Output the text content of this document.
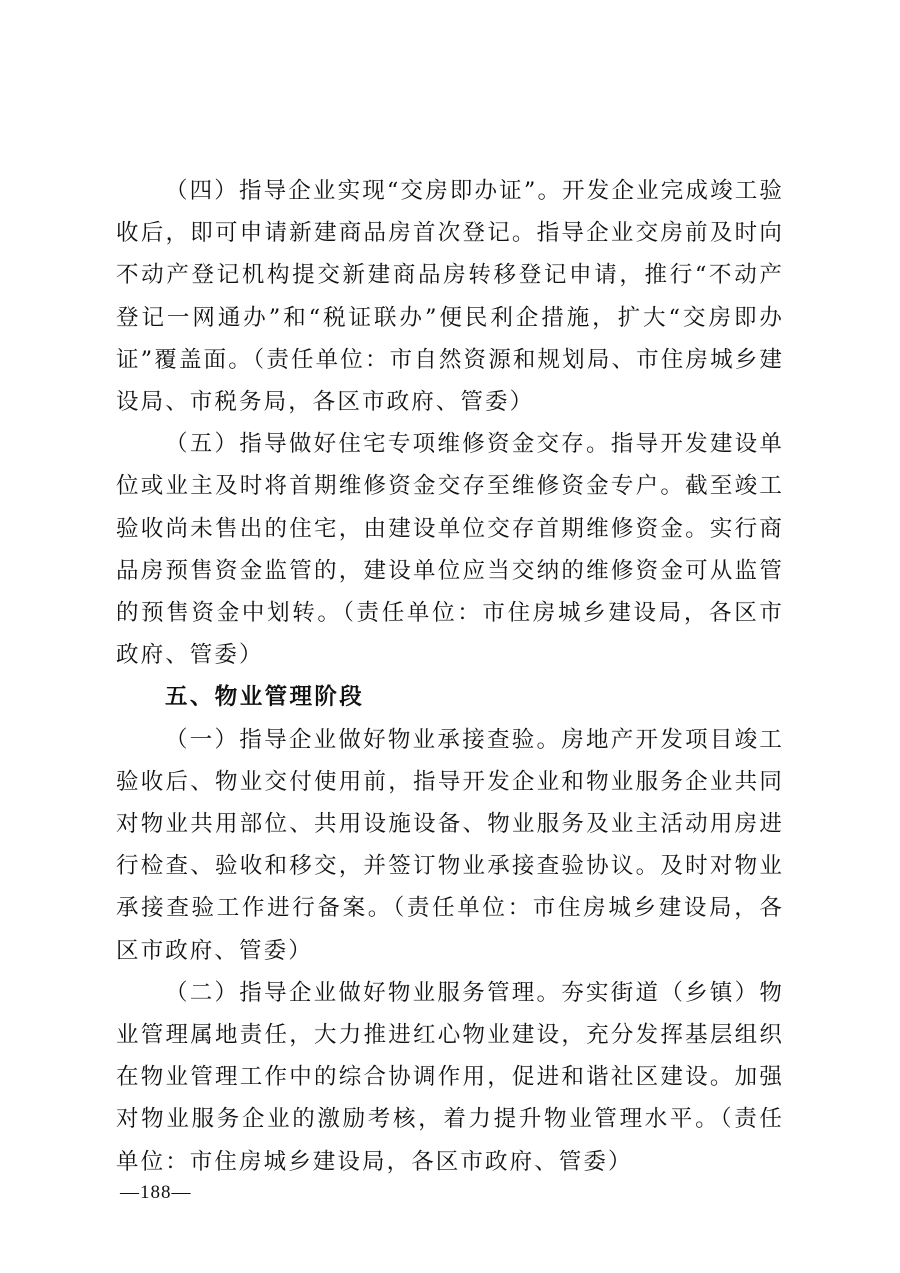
（四）指导企业实现“交房即办证”。开发企业完成竣工验收后，即可申请新建商品房首次登记。指导企业交房前及时向不动产登记机构提交新建商品房转移登记申请，推行“不动产登记一网通办”和“税证联办”便民利企措施，扩大“交房即办证”覆盖面。（责任单位：市自然资源和规划局、市住房城乡建设局、市税务局，各区市政府、管委）

（五）指导做好住宅专项维修资金交存。指导开发建设单位或业主及时将首期维修资金交存至维修资金专户。截至竣工验收尚未售出的住宅，由建设单位交存首期维修资金。实行商品房预售资金监管的，建设单位应当交纳的维修资金可从监管的预售资金中划转。（责任单位：市住房城乡建设局，各区市政府、管委）

五、物业管理阶段

（一）指导企业做好物业承接查验。房地产开发项目竣工验收后、物业交付使用前，指导开发企业和物业服务企业共同对物业共用部位、共用设施设备、物业服务及业主活动用房进行检查、验收和移交，并签订物业承接查验协议。及时对物业承接查验工作进行备案。（责任单位：市住房城乡建设局，各区市政府、管委）

（二）指导企业做好物业服务管理。夯实街道（乡镇）物业管理属地责任，大力推进红心物业建设，充分发挥基层组织在物业管理工作中的综合协调作用，促进和谐社区建设。加强对物业服务企业的激励考核，着力提升物业管理水平。（责任单位：市住房城乡建设局，各区市政府、管委）

—188—
